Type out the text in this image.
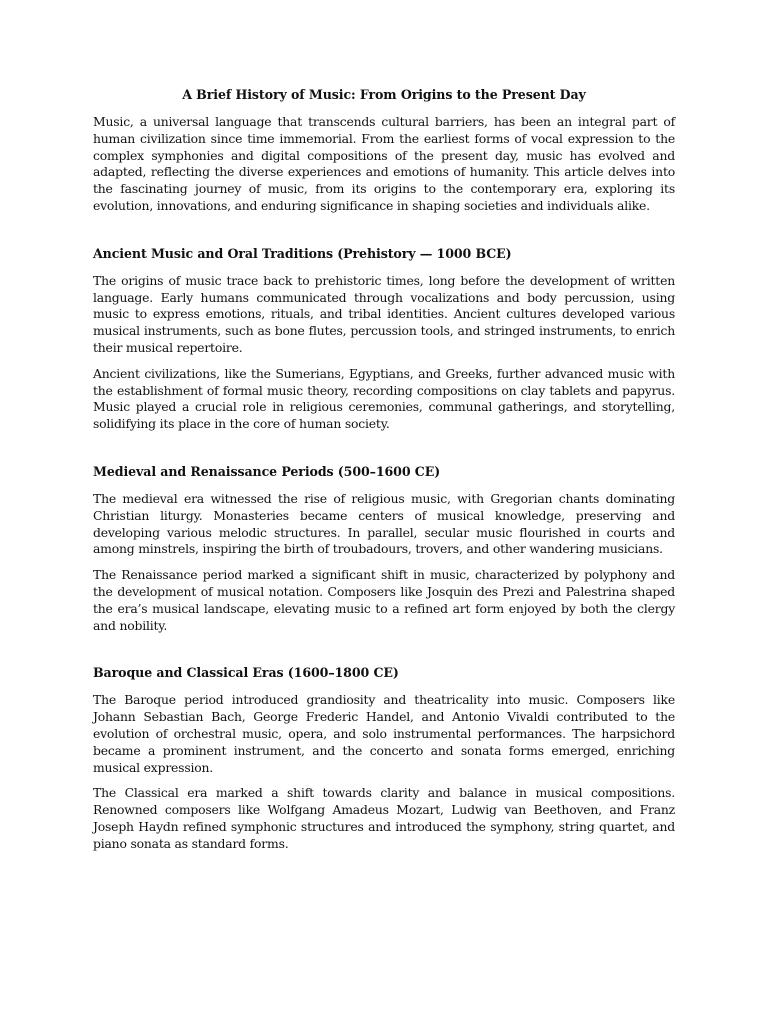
A Brief History of Music: From Origins to the Present Day

Music, a universal language that transcends cultural barriers, has been an integral part of human civilization since time immemorial. From the earliest forms of vocal expression to the complex symphonies and digital compositions of the present day, music has evolved and adapted, reflecting the diverse experiences and emotions of humanity. This article delves into the fascinating journey of music, from its origins to the contemporary era, exploring its evolution, innovations, and enduring significance in shaping societies and individuals alike.

Ancient Music and Oral Traditions (Prehistory — 1000 BCE)

The origins of music trace back to prehistoric times, long before the development of written language. Early humans communicated through vocalizations and body percussion, using music to express emotions, rituals, and tribal identities. Ancient cultures developed various musical instruments, such as bone flutes, percussion tools, and stringed instruments, to enrich their musical repertoire.

Ancient civilizations, like the Sumerians, Egyptians, and Greeks, further advanced music with the establishment of formal music theory, recording compositions on clay tablets and papyrus. Music played a crucial role in religious ceremonies, communal gatherings, and storytelling, solidifying its place in the core of human society.

Medieval and Renaissance Periods (500–1600 CE)

The medieval era witnessed the rise of religious music, with Gregorian chants dominating Christian liturgy. Monasteries became centers of musical knowledge, preserving and developing various melodic structures. In parallel, secular music flourished in courts and among minstrels, inspiring the birth of troubadours, trovers, and other wandering musicians.

The Renaissance period marked a significant shift in music, characterized by polyphony and the development of musical notation. Composers like Josquin des Prezi and Palestrina shaped the era’s musical landscape, elevating music to a refined art form enjoyed by both the clergy and nobility.

Baroque and Classical Eras (1600–1800 CE)

The Baroque period introduced grandiosity and theatricality into music. Composers like Johann Sebastian Bach, George Frederic Handel, and Antonio Vivaldi contributed to the evolution of orchestral music, opera, and solo instrumental performances. The harpsichord became a prominent instrument, and the concerto and sonata forms emerged, enriching musical expression.

The Classical era marked a shift towards clarity and balance in musical compositions. Renowned composers like Wolfgang Amadeus Mozart, Ludwig van Beethoven, and Franz Joseph Haydn refined symphonic structures and introduced the symphony, string quartet, and piano sonata as standard forms.
